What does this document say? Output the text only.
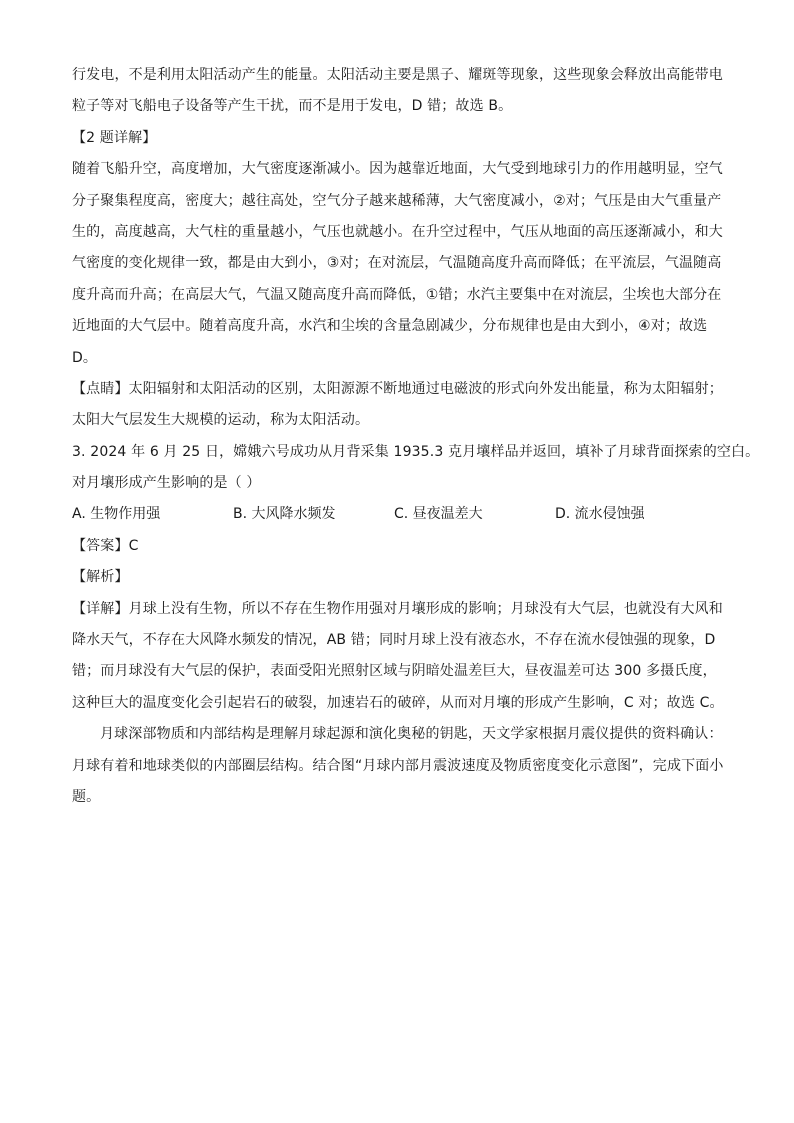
行发电，不是利用太阳活动产生的能量。太阳活动主要是黑子、耀斑等现象，这些现象会释放出高能带电
粒子等对飞船电子设备等产生干扰，而不是用于发电，D 错；故选 B。
【2 题详解】
随着飞船升空，高度增加，大气密度逐渐减小。因为越靠近地面，大气受到地球引力的作用越明显，空气
分子聚集程度高，密度大；越往高处，空气分子越来越稀薄，大气密度减小，②对；气压是由大气重量产
生的，高度越高，大气柱的重量越小，气压也就越小。在升空过程中，气压从地面的高压逐渐减小，和大
气密度的变化规律一致，都是由大到小，③对；在对流层，气温随高度升高而降低；在平流层，气温随高
度升高而升高；在高层大气，气温又随高度升高而降低，①错；水汽主要集中在对流层，尘埃也大部分在
近地面的大气层中。随着高度升高，水汽和尘埃的含量急剧减少，分布规律也是由大到小，④对；故选
D。
【点睛】太阳辐射和太阳活动的区别，太阳源源不断地通过电磁波的形式向外发出能量，称为太阳辐射；
太阳大气层发生大规模的运动，称为太阳活动。
3. 2024 年 6 月 25 日，嫦娥六号成功从月背采集 1935.3 克月壤样品并返回，填补了月球背面探索的空白。
对月壤形成产生影响的是（ ）
A. 生物作用强	B. 大风降水频发	C. 昼夜温差大	D. 流水侵蚀强
【答案】C
【解析】
【详解】月球上没有生物，所以不存在生物作用强对月壤形成的影响；月球没有大气层，也就没有大风和
降水天气，不存在大风降水频发的情况，AB 错；同时月球上没有液态水，不存在流水侵蚀强的现象，D
错；而月球没有大气层的保护，表面受阳光照射区域与阴暗处温差巨大，昼夜温差可达 300 多摄氏度，
这种巨大的温度变化会引起岩石的破裂，加速岩石的破碎，从而对月壤的形成产生影响，C 对；故选 C。
月球深部物质和内部结构是理解月球起源和演化奥秘的钥匙，天文学家根据月震仪提供的资料确认：
月球有着和地球类似的内部圈层结构。结合图“月球内部月震波速度及物质密度变化示意图”，完成下面小
题。
